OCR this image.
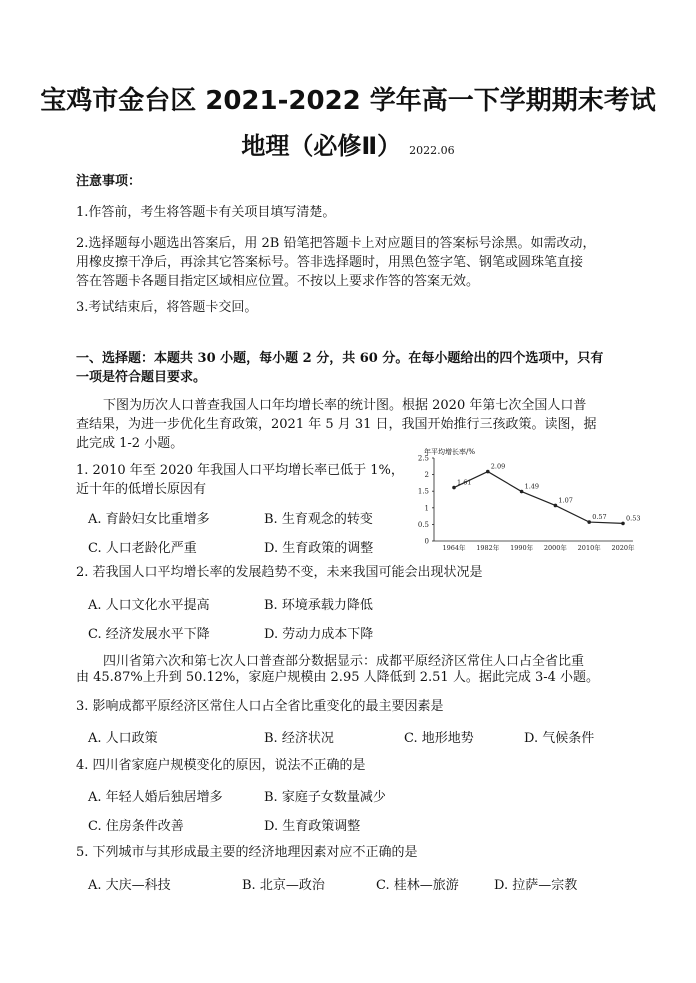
宝鸡市金台区 2021-2022 学年高一下学期期末考试
地理（必修Ⅱ） 2022.06
注意事项：
1.作答前，考生将答题卡有关项目填写清楚。
2.选择题每小题选出答案后，用 2B 铅笔把答题卡上对应题目的答案标号涂黑。如需改动，
用橡皮擦干净后，再涂其它答案标号。答非选择题时，用黑色签字笔、钢笔或圆珠笔直接
答在答题卡各题目指定区域相应位置。不按以上要求作答的答案无效。
3.考试结束后，将答题卡交回。
一、选择题：本题共 30 小题，每小题 2 分，共 60 分。在每小题给出的四个选项中，只有
一项是符合题目要求。
下图为历次人口普查我国人口年均增长率的统计图。根据 2020 年第七次全国人口普
查结果，为进一步优化生育政策，2021 年 5 月 31 日，我国开始推行三孩政策。读图，据
此完成 1-2 小题。
1. 2010 年至 2020 年我国人口平均增长率已低于 1%，
近十年的低增长原因有
A. 育龄妇女比重增多	B. 生育观念的转变
C. 人口老龄化严重	D. 生育政策的调整
年平均增长率/%
0
0.5
1
1.5
2
2.5
1.61
1964年
2.09
1982年
1.49
1990年
1.07
2000年
0.57
2010年
0.53
2020年
2. 若我国人口平均增长率的发展趋势不变，未来我国可能会出现状况是
A. 人口文化水平提高	B. 环境承载力降低
C. 经济发展水平下降	D. 劳动力成本下降
四川省第六次和第七次人口普查部分数据显示：成都平原经济区常住人口占全省比重
由 45.87%上升到 50.12%，家庭户规模由 2.95 人降低到 2.51 人。据此完成 3-4 小题。
3. 影响成都平原经济区常住人口占全省比重变化的最主要因素是
A. 人口政策	B. 经济状况	C. 地形地势	D. 气候条件
4. 四川省家庭户规模变化的原因，说法不正确的是
A. 年轻人婚后独居增多	B. 家庭子女数量减少
C. 住房条件改善	D. 生育政策调整
5. 下列城市与其形成最主要的经济地理因素对应不正确的是
A. 大庆—科技	B. 北京—政治	C. 桂林—旅游	D. 拉萨—宗教
